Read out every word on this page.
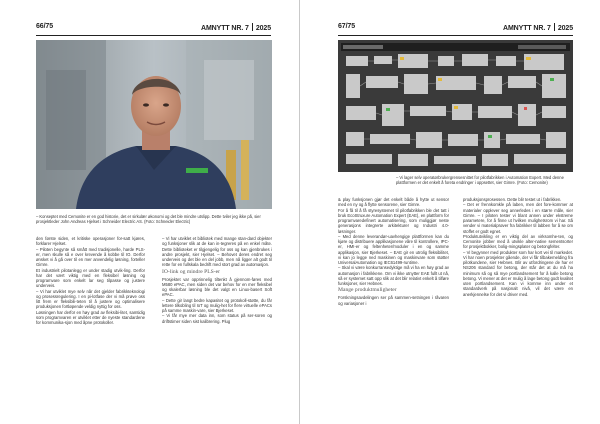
66/75	AMNYTT NR. 7 2025
– Konseptet med Cemonite er en god historie, det er sirkulær økonomi og det ble mindre utslipp. Dette tviler jeg ikke på, sier prosjektleder John Andreas Hjelset i Schneider Electric AS. (Foto: Schneider Electric)

den første siden, et kritiske operasjoner for-satt kjøres, forklarer Hjelset.

– Piloten begynte så smått med tradisjonelle, harde PLS-er, men skulle så e over krevende å kobbe til IO. Derfor ønsket vi å gå over til en mer anvendelig løsning, forteller Gimre.

Et industrielt pilotanlegg er under stadig utvik-ling. Derfor har det vært viktig med en fleksibel løsning og programvare som enkelt lar seg tilpasse og justere underveis.

– Vi har utviklet mye selv når det gjelder fabrikkteknologi og prosessregulering. I en pi-lotfase der vi må prøve oss litt frem er fleksibili-teten til å justere og optimalisere produksjonen fortløpende veldig nyttig for oss.

Løsningen har derfor en høy grad av fleksibi-litet, samtidig som programvaren er utviklet etter de nyeste standardene for kommunika-sjon med åpne protokoller.

– Vi har utviklet et bibliotek med mange stan-dard objekter og funksjoner slik at de kan in-tegreres på en enkel måte. Dette biblioteket er tilgjengelig for oss og kan gjenbrukes i andre prosjekt, sier Hjelset. – Behovet deres endret seg underveis og det ble en del jobb, men nå ligger alt godt til rette for en fullskala bedrift med stort grad av automasjon.

IO-link og mindre PLS-er

Prosjektet var opprinnelig tiltenkt å gjennom-føres med M580 ePAC, men siden det var behov for en mer fleksibel og skalerbar løsning ble det valgt en Linux-basert Soft ePAC.

– Dette gir langt bedre kapasitet og protokoll-støtte, du får lettere tilkobling til IoT og mulig-het for flere virtuelle ePACs på samme maskin-vare, sier Bjerkeset.

– Vi får mye mer data inn, som status på ser-soren og driftstimer siden sist kalibrering. Plug

67/75	AMNYTT NR. 7 2025
– Vi lager selv operatørbrukergrensesnittet for pilotfabrikken i Automation Expert. Med denne plattformen er det enkelt å foreta endringer i oppsettet, sier Gimre. (Foto: Cemonite)

& play funksjonen gjør det enkelt både å hytte ut sensor med en ny og å flytte sensorene, sier Gimre.

For å få til å få styresystemet til pilotfabrikken ble det tatt i bruk EcoStruxure Automation Expert (EAE), en plattform for programvaredefinert automatisering, som muliggjør neste generasjons integrerte arkitekturer og Industri 4.0-løsninger.

– Med denne leverandør-uavhengige plattformen kan du kjøre og distribuere applikasjonene våre til kontrollere, IPC-er, HMI-er og feltenheter/moduler i en og samme applikasjon, sier Bjerkeset. – EAE gir en utrolig fleksibilitet, vi kan jo legge ned maskinen og maskinvare som støtter UniversalAutomation og IEC61499-runtime.

– Skal vi være konkurransedyktige må vi ha en høy grad av automasjon i fabrikkene. Om vi ikke utnytter EAE fullt ut nå, så er systemet satt opp slik at det blir relativt enkelt å tilføre funksjoner, sier Hebnes.

Mange produktmuligheter

Forskningsavdelingen ser på sammen-setningen i råvaren og variasjoner i

produksjonsprosessen. Dette blir testet ut i fabrikken.

– Det er frennkomkle på laben, men det fore-kommer at materialer opplever seg annerledes i en større måle, sier Gimre. – I piloten tester vi blant annen under ekstreme parametere, for å finne ut hvilken mulighetsrom vi har. Så vender vi materialprøver fra fabrikker til labben for å se om stoffet er godt egnet.

Produktutvikling er en viktig del av virksomhe-ten, og Cemonite jobber med å utvikle alter-native sementsorter for prosjektbokker, bolig-mingsplater og betongfelter.

– Vi begynner med produkter som har kort vei til markedet. Vi har noen prosjekter gående, der vi får tilbakemelding fra pilotkundene, sier Hebnes. Blir av utfordringene de har er NS206 standard for betong, der står det at du må ha minimum så og så mye portlandsement for å kalle betong betong. Vi mener at det er mulig å lage betong godt kvalitet uten portlandsement. Kan vi komme inn under et standardverk på nasjonalt nivå, vil det være en anerkjennelse for det vi driver med.
